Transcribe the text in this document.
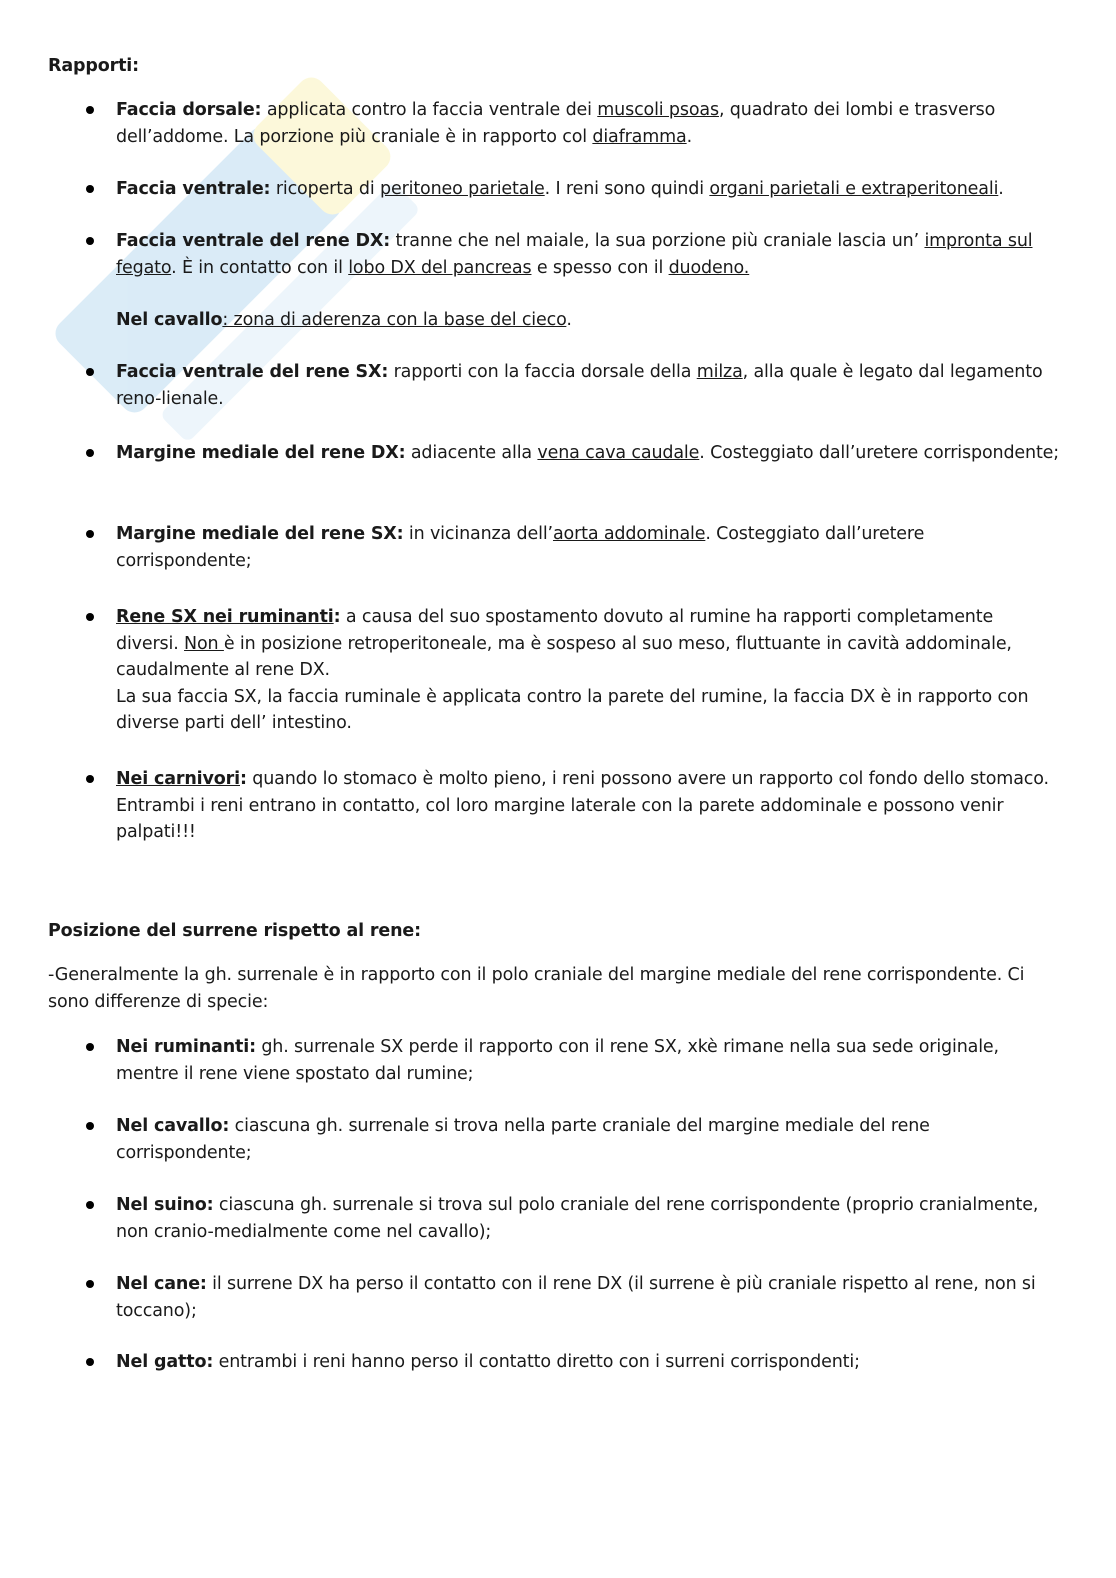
Rapporti:

Faccia dorsale: applicata contro la faccia ventrale dei muscoli psoas, quadrato dei lombi e trasverso dell’addome. La porzione più craniale è in rapporto col diaframma.

Faccia ventrale: ricoperta di peritoneo parietale. I reni sono quindi organi parietali e extraperitoneali.

Faccia ventrale del rene DX: tranne che nel maiale, la sua porzione più craniale lascia un’ impronta sul fegato. È in contatto con il lobo DX del pancreas e spesso con il duodeno.

Nel cavallo: zona di aderenza con la base del cieco.

Faccia ventrale del rene SX: rapporti con la faccia dorsale della milza, alla quale è legato dal legamento reno-lienale.

Margine mediale del rene DX: adiacente alla vena cava caudale. Costeggiato dall’uretere corrispondente;

Margine mediale del rene SX: in vicinanza dell’aorta addominale. Costeggiato dall’uretere corrispondente;

Rene SX nei ruminanti: a causa del suo spostamento dovuto al rumine ha rapporti completamente diversi. Non è in posizione retroperitoneale, ma è sospeso al suo meso, fluttuante in cavità addominale, caudalmente al rene DX.
La sua faccia SX, la faccia ruminale è applicata contro la parete del rumine, la faccia DX è in rapporto con diverse parti dell’ intestino.

Nei carnivori: quando lo stomaco è molto pieno, i reni possono avere un rapporto col fondo dello stomaco.
Entrambi i reni entrano in contatto, col loro margine laterale con la parete addominale e possono venir palpati!!!

Posizione del surrene rispetto al rene:

-Generalmente la gh. surrenale è in rapporto con il polo craniale del margine mediale del rene corrispondente. Ci sono differenze di specie:

Nei ruminanti: gh. surrenale SX perde il rapporto con il rene SX, xkè rimane nella sua sede originale, mentre il rene viene spostato dal rumine;

Nel cavallo: ciascuna gh. surrenale si trova nella parte craniale del margine mediale del rene corrispondente;

Nel suino: ciascuna gh. surrenale si trova sul polo craniale del rene corrispondente (proprio cranialmente, non cranio-medialmente come nel cavallo);

Nel cane: il surrene DX ha perso il contatto con il rene DX (il surrene è più craniale rispetto al rene, non si toccano);

Nel gatto: entrambi i reni hanno perso il contatto diretto con i surreni corrispondenti;
